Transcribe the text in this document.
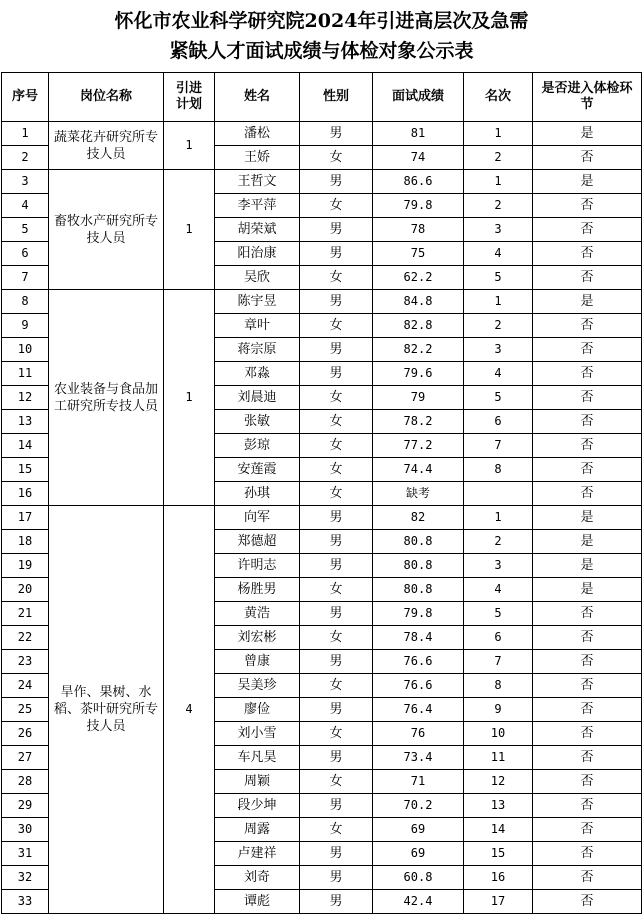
怀化市农业科学研究院2024年引进高层次及急需
紧缺人才面试成绩与体检对象公示表
序号	岗位名称	引进计划	姓名	性别	面试成绩	名次	是否进入体检环节
1	蔬菜花卉研究所专技人员	1	潘松	男	81	1	是
2			王娇	女	74	2	否
3	畜牧水产研究所专技人员	1	王哲文	男	86.6	1	是
4			李平萍	女	79.8	2	否
5			胡荣斌	男	78	3	否
6			阳治康	男	75	4	否
7			吴欣	女	62.2	5	否
8	农业装备与食品加工研究所专技人员	1	陈宇昱	男	84.8	1	是
9			章叶	女	82.8	2	否
10			蒋宗原	男	82.2	3	否
11			邓淼	男	79.6	4	否
12			刘晨迪	女	79	5	否
13			张敏	女	78.2	6	否
14			彭琼	女	77.2	7	否
15			安莲霞	女	74.4	8	否
16			孙琪	女	缺考		否
17	旱作、果树、水稻、茶叶研究所专技人员	4	向军	男	82	1	是
18			郑德超	男	80.8	2	是
19			许明志	男	80.8	3	是
20			杨胜男	女	80.8	4	是
21			黄浩	男	79.8	5	否
22			刘宏彬	女	78.4	6	否
23			曾康	男	76.6	7	否
24			吴美珍	女	76.6	8	否
25			廖俭	男	76.4	9	否
26			刘小雪	女	76	10	否
27			车凡昊	男	73.4	11	否
28			周颖	女	71	12	否
29			段少坤	男	70.2	13	否
30			周露	女	69	14	否
31			卢建祥	男	69	15	否
32			刘奇	男	60.8	16	否
33			谭彪	男	42.4	17	否
